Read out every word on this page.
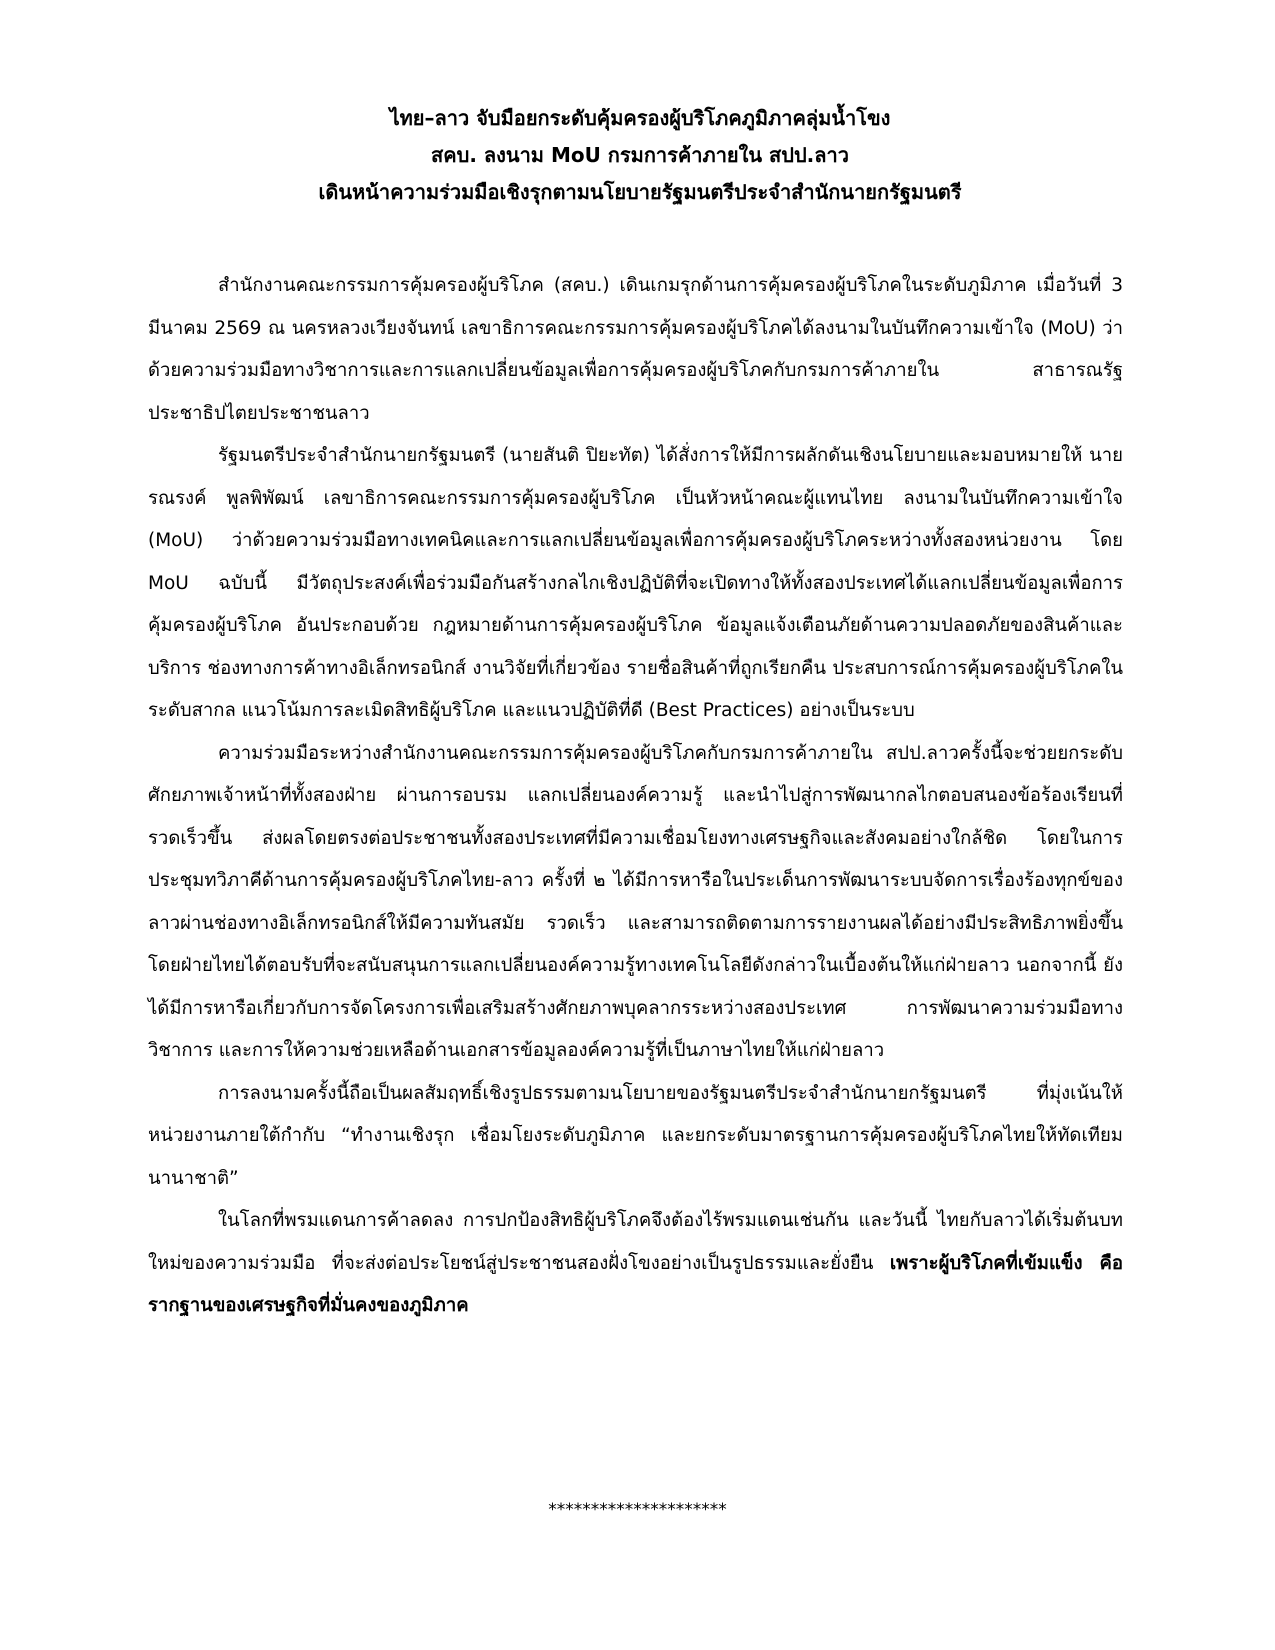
ไทย–ลาว จับมือยกระดับคุ้มครองผู้บริโภคภูมิภาคลุ่มน้ำโขง
สคบ. ลงนาม MoU กรมการค้าภายใน สปป.ลาว
เดินหน้าความร่วมมือเชิงรุกตามนโยบายรัฐมนตรีประจำสำนักนายกรัฐมนตรี

สำนักงานคณะกรรมการคุ้มครองผู้บริโภค (สคบ.) เดินเกมรุกด้านการคุ้มครองผู้บริโภคในระดับภูมิภาค เมื่อวันที่ 3 มีนาคม 2569 ณ นครหลวงเวียงจันทน์ เลขาธิการคณะกรรมการคุ้มครองผู้บริโภคได้ลงนามในบันทึกความเข้าใจ (MoU) ว่าด้วยความร่วมมือทางวิชาการและการแลกเปลี่ยนข้อมูลเพื่อการคุ้มครองผู้บริโภคกับกรมการค้าภายใน สาธารณรัฐประชาธิปไตยประชาชนลาว

รัฐมนตรีประจำสำนักนายกรัฐมนตรี (นายสันติ ปิยะทัต) ได้สั่งการให้มีการผลักดันเชิงนโยบายและมอบหมายให้ นายรณรงค์ พูลพิพัฒน์ เลขาธิการคณะกรรมการคุ้มครองผู้บริโภค เป็นหัวหน้าคณะผู้แทนไทย ลงนามในบันทึกความเข้าใจ (MoU) ว่าด้วยความร่วมมือทางเทคนิคและการแลกเปลี่ยนข้อมูลเพื่อการคุ้มครองผู้บริโภคระหว่างทั้งสองหน่วยงาน โดย MoU ฉบับนี้ มีวัตถุประสงค์เพื่อร่วมมือกันสร้างกลไกเชิงปฏิบัติที่จะเปิดทางให้ทั้งสองประเทศได้แลกเปลี่ยนข้อมูลเพื่อการคุ้มครองผู้บริโภค อันประกอบด้วย กฎหมายด้านการคุ้มครองผู้บริโภค ข้อมูลแจ้งเตือนภัยด้านความปลอดภัยของสินค้าและบริการ ช่องทางการค้าทางอิเล็กทรอนิกส์ งานวิจัยที่เกี่ยวข้อง รายชื่อสินค้าที่ถูกเรียกคืน ประสบการณ์การคุ้มครองผู้บริโภคในระดับสากล แนวโน้มการละเมิดสิทธิผู้บริโภค และแนวปฏิบัติที่ดี (Best Practices) อย่างเป็นระบบ

ความร่วมมือระหว่างสำนักงานคณะกรรมการคุ้มครองผู้บริโภคกับกรมการค้าภายใน สปป.ลาวครั้งนี้จะช่วยยกระดับศักยภาพเจ้าหน้าที่ทั้งสองฝ่าย ผ่านการอบรม แลกเปลี่ยนองค์ความรู้ และนำไปสู่การพัฒนากลไกตอบสนองข้อร้องเรียนที่รวดเร็วขึ้น ส่งผลโดยตรงต่อประชาชนทั้งสองประเทศที่มีความเชื่อมโยงทางเศรษฐกิจและสังคมอย่างใกล้ชิด โดยในการประชุมทวิภาคีด้านการคุ้มครองผู้บริโภคไทย-ลาว ครั้งที่ ๒ ได้มีการหารือในประเด็นการพัฒนาระบบจัดการเรื่องร้องทุกข์ของลาวผ่านช่องทางอิเล็กทรอนิกส์ให้มีความทันสมัย รวดเร็ว และสามารถติดตามการรายงานผลได้อย่างมีประสิทธิภาพยิ่งขึ้น โดยฝ่ายไทยได้ตอบรับที่จะสนับสนุนการแลกเปลี่ยนองค์ความรู้ทางเทคโนโลยีดังกล่าวในเบื้องต้นให้แก่ฝ่ายลาว นอกจากนี้ ยังได้มีการหารือเกี่ยวกับการจัดโครงการเพื่อเสริมสร้างศักยภาพบุคลากรระหว่างสองประเทศ การพัฒนาความร่วมมือทางวิชาการ และการให้ความช่วยเหลือด้านเอกสารข้อมูลองค์ความรู้ที่เป็นภาษาไทยให้แก่ฝ่ายลาว

การลงนามครั้งนี้ถือเป็นผลสัมฤทธิ์เชิงรูปธรรมตามนโยบายของรัฐมนตรีประจำสำนักนายกรัฐมนตรี ที่มุ่งเน้นให้หน่วยงานภายใต้กำกับ “ทำงานเชิงรุก เชื่อมโยงระดับภูมิภาค และยกระดับมาตรฐานการคุ้มครองผู้บริโภคไทยให้ทัดเทียมนานาชาติ”

ในโลกที่พรมแดนการค้าลดลง การปกป้องสิทธิผู้บริโภคจึงต้องไร้พรมแดนเช่นกัน และวันนี้ ไทยกับลาวได้เริ่มต้นบทใหม่ของความร่วมมือ ที่จะส่งต่อประโยชน์สู่ประชาชนสองฝั่งโขงอย่างเป็นรูปธรรมและยั่งยืน เพราะผู้บริโภคที่เข้มแข็ง คือรากฐานของเศรษฐกิจที่มั่นคงของภูมิภาค

*********************
